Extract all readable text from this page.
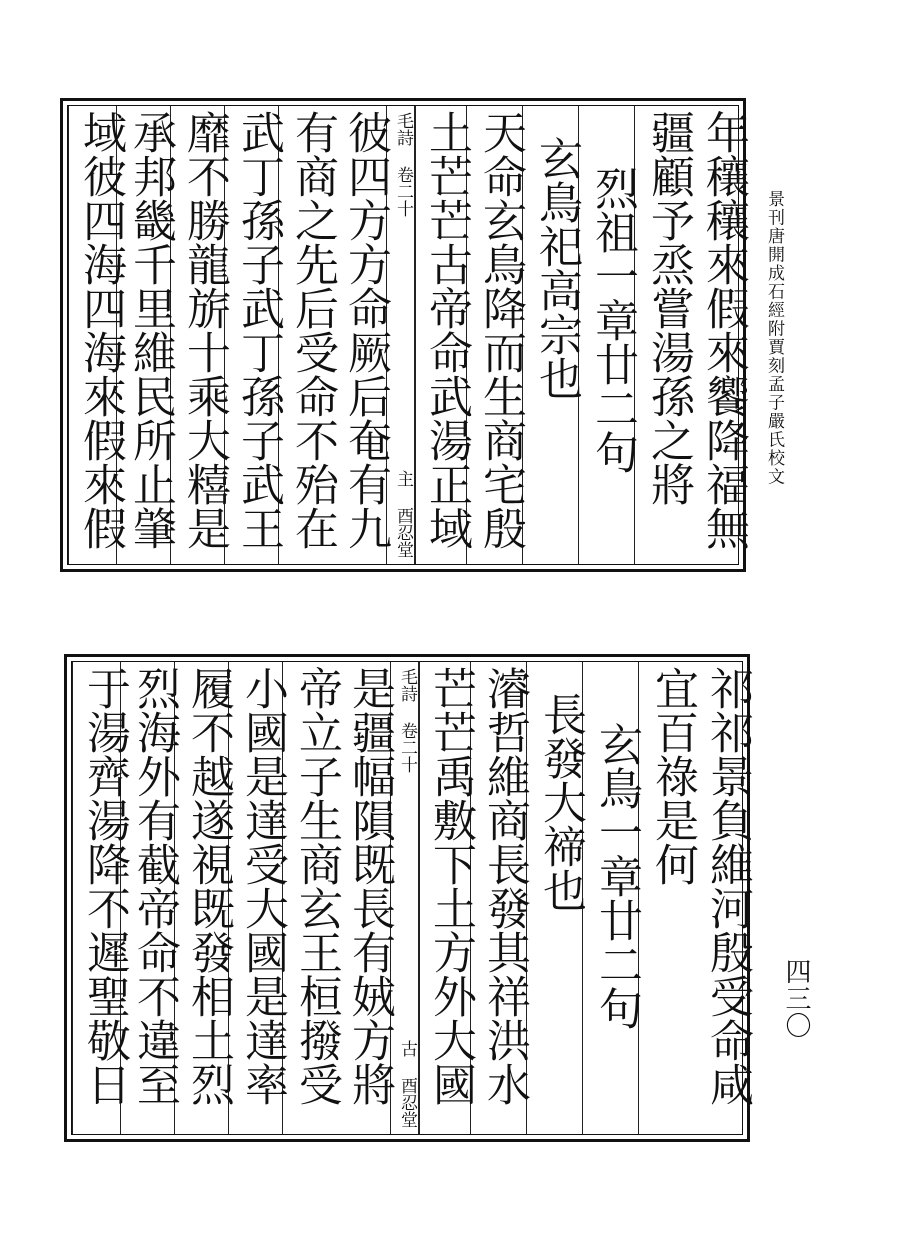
景刊唐開成石經附賈刻孟子嚴氏校文
四三〇
年穰穰來假來饗降福無
疆顧予烝嘗湯孫之將
烈祖一章廿二句
玄鳥祀高宗也
天命玄鳥降而生商宅殷
土芒芒古帝命武湯正域
毛詩 卷二十
主 酉忍堂
彼四方方命厥后奄有九
有商之先后受命不殆在
武丁孫子武丁孫子武王
靡不勝龍旂十乘大糦是
承邦畿千里維民所止肇
域彼四海四海來假來假
祁祁景負維河殷受命咸
宜百祿是何
玄鳥一章廿二句
長發大禘也
濬哲維商長發其祥洪水
芒芒禹敷下土方外大國
毛詩 卷二十
古 酉忍堂
是疆幅隕既長有娀方將
帝立子生商玄王桓撥受
小國是達受大國是達率
履不越遂視既發相土烈
烈海外有截帝命不違至
于湯齊湯降不遲聖敬日
